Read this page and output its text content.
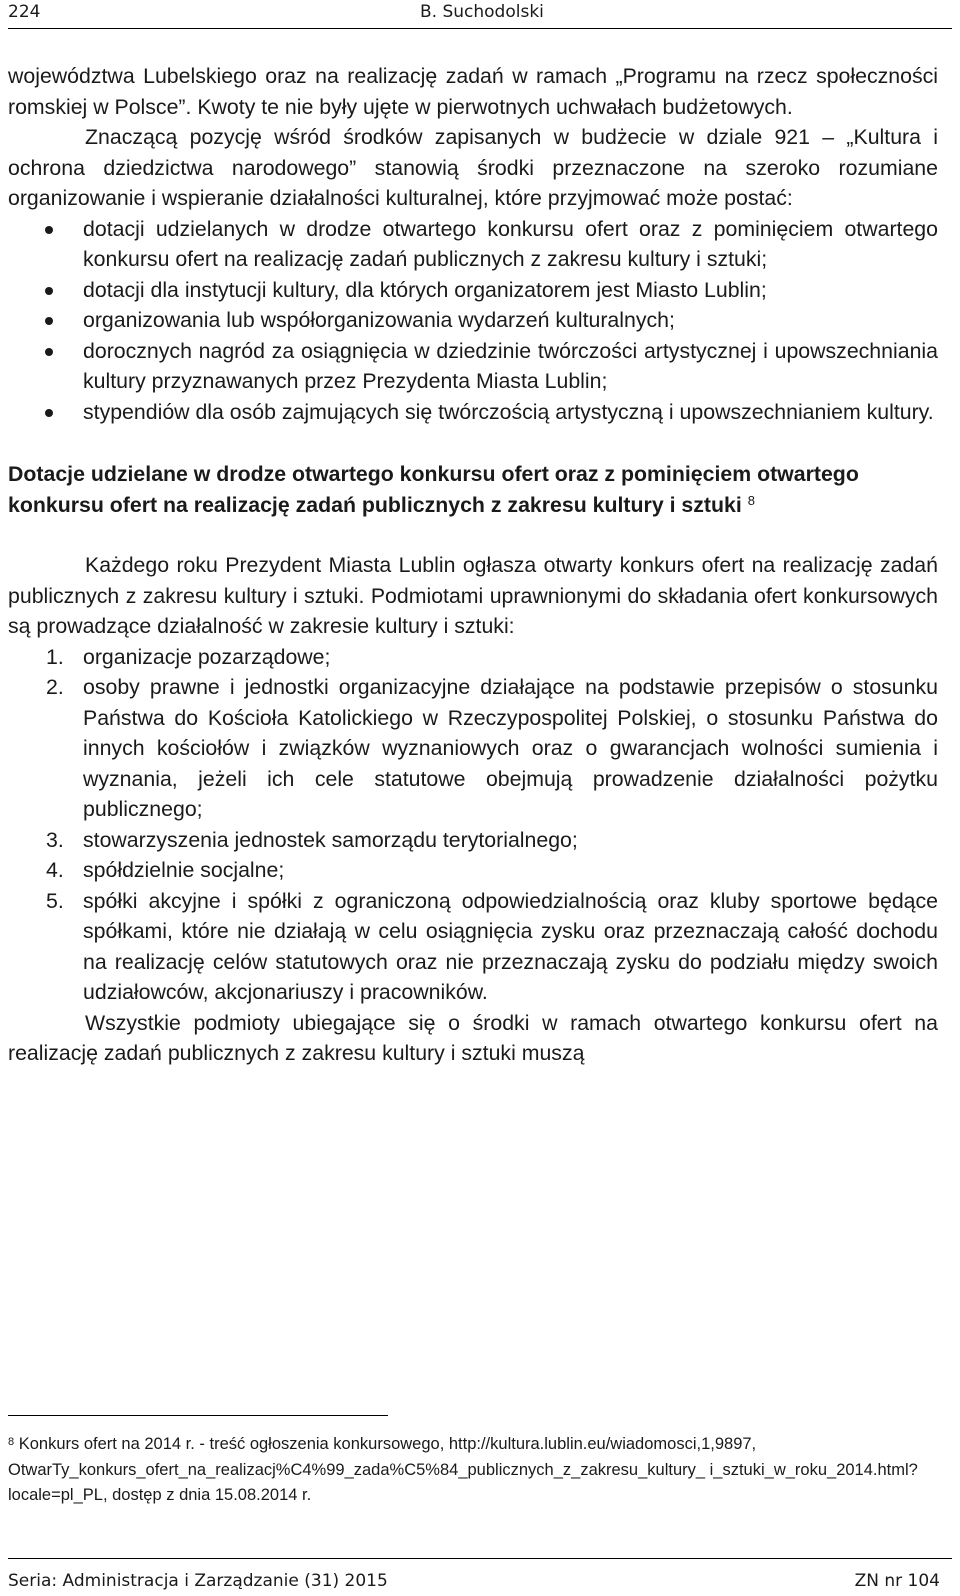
224	B. Suchodolski

województwa Lubelskiego oraz na realizację zadań w ramach „Programu na rzecz społeczności romskiej w Polsce”. Kwoty te nie były ujęte w pierwotnych uchwałach budżetowych.

Znaczącą pozycję wśród środków zapisanych w budżecie w dziale 921 – „Kultura i ochrona dziedzictwa narodowego” stanowią środki przeznaczone na szeroko rozumiane organizowanie i wspieranie działalności kulturalnej, które przyjmować może postać:

dotacji udzielanych w drodze otwartego konkursu ofert oraz z pominięciem otwartego konkursu ofert na realizację zadań publicznych z zakresu kultury i sztuki;
dotacji dla instytucji kultury, dla których organizatorem jest Miasto Lublin;
organizowania lub współorganizowania wydarzeń kulturalnych;
dorocznych nagród za osiągnięcia w dziedzinie twórczości artystycznej i upowszechniania kultury przyznawanych przez Prezydenta Miasta Lublin;
stypendiów dla osób zajmujących się twórczością artystyczną i upowszechnianiem kultury.
Dotacje udzielane w drodze otwartego konkursu ofert oraz z pominięciem otwartego konkursu ofert na realizację zadań publicznych z zakresu kultury i sztuki $^8$

Każdego roku Prezydent Miasta Lublin ogłasza otwarty konkurs ofert na realizację zadań publicznych z zakresu kultury i sztuki. Podmiotami uprawnionymi do składania ofert konkursowych są prowadzące działalność w zakresie kultury i sztuki:

1. organizacje pozarządowe;
2. osoby prawne i jednostki organizacyjne działające na podstawie przepisów o stosunku Państwa do Kościoła Katolickiego w Rzeczypospolitej Polskiej, o stosunku Państwa do innych kościołów i związków wyznaniowych oraz o gwarancjach wolności sumienia i wyznania, jeżeli ich cele statutowe obejmują prowadzenie działalności pożytku publicznego;
3. stowarzyszenia jednostek samorządu terytorialnego;
4. spółdzielnie socjalne;
5. spółki akcyjne i spółki z ograniczoną odpowiedzialnością oraz kluby sportowe będące spółkami, które nie działają w celu osiągnięcia zysku oraz przeznaczają całość dochodu na realizację celów statutowych oraz nie przeznaczają zysku do podziału między swoich udziałowców, akcjonariuszy i pracowników.

Wszystkie podmioty ubiegające się o środki w ramach otwartego konkursu ofert na realizację zadań publicznych z zakresu kultury i sztuki muszą

$^8$ Konkurs ofert na 2014 r. - treść ogłoszenia konkursowego, http://kultura.lublin.eu/wiadomosci,1,9897, OtwarTy_konkurs_ofert_na_realizacj%C4%99_zada%C5%84_publicznych_z_zakresu_kultury_ i_sztuki_w_roku_2014.html?locale=pl_PL, dostęp z dnia 15.08.2014 r.
Seria: Administracja i Zarządzanie (31) 2015	ZN nr 104
